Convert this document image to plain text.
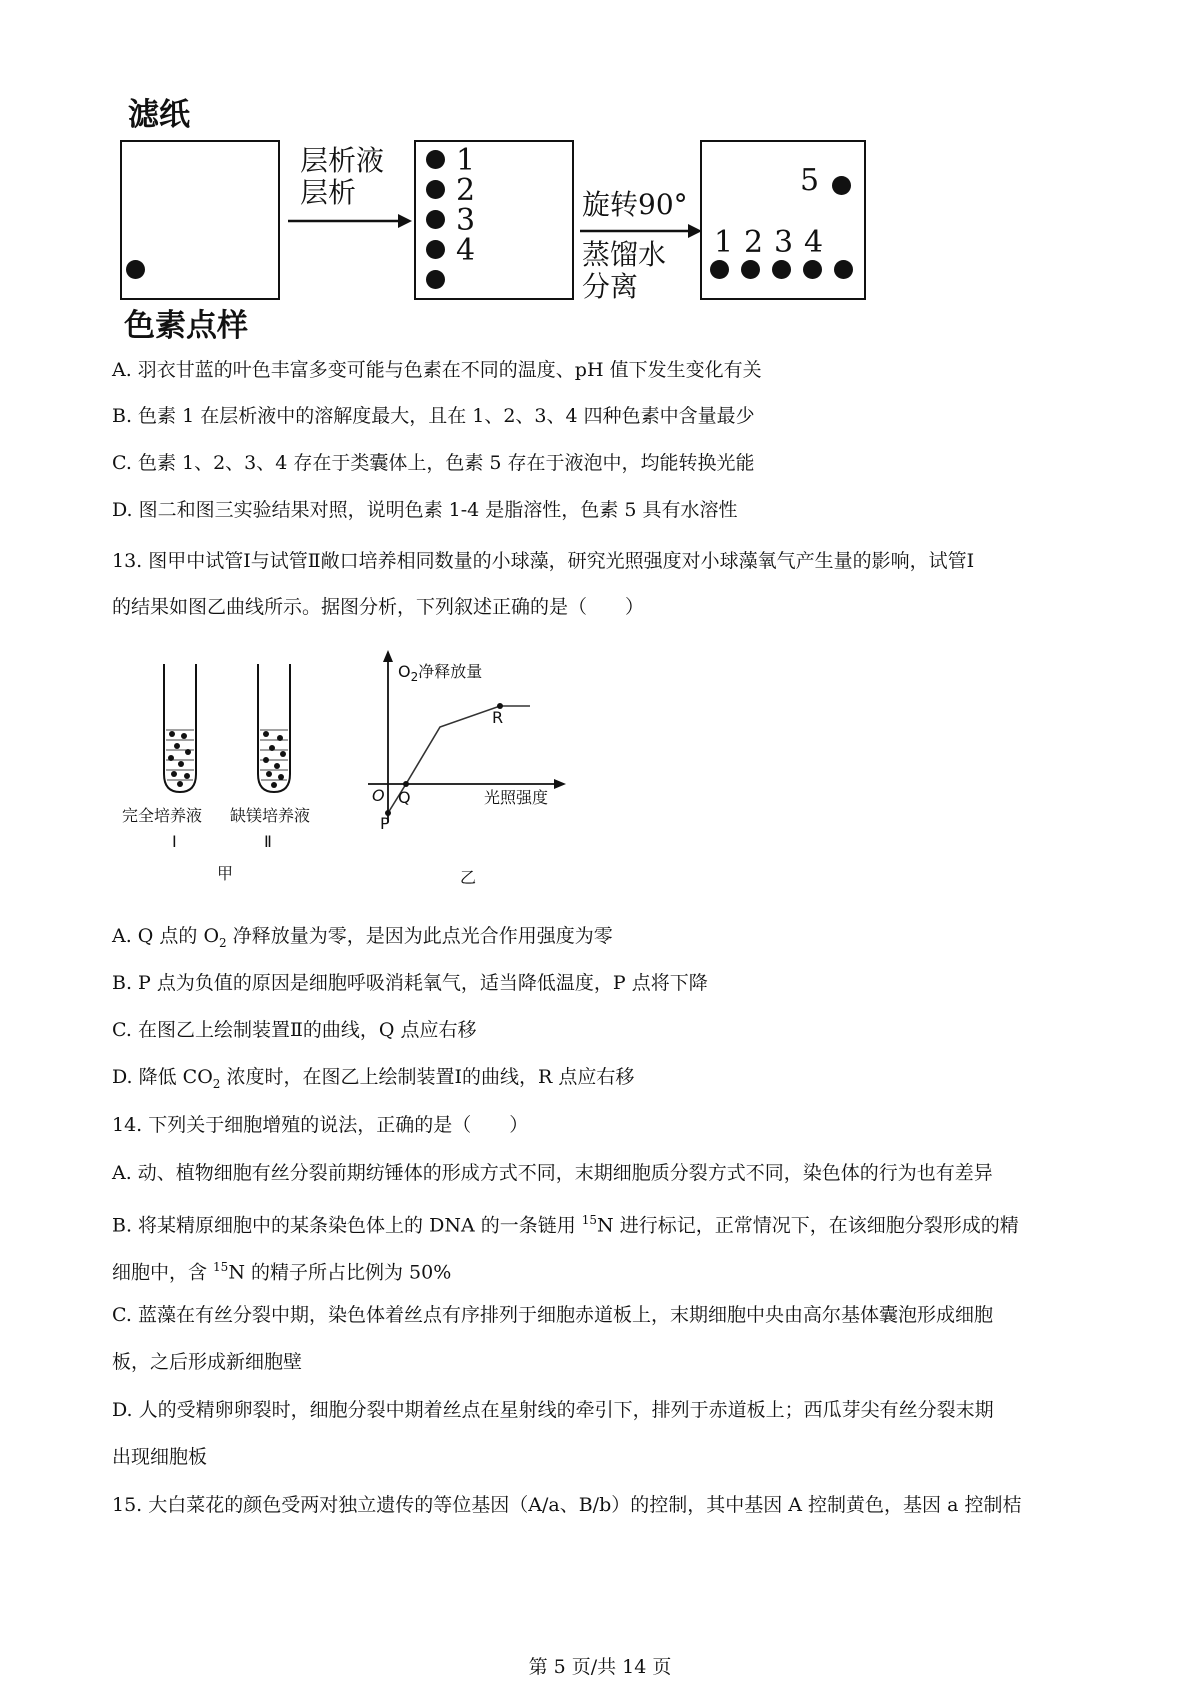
滤纸
层析液
层析
1
2
3
4
旋转90°
蒸馏水
分离
5
1 2 3 4
色素点样
A. 羽衣甘蓝的叶色丰富多变可能与色素在不同的温度、pH 值下发生变化有关
B. 色素 1 在层析液中的溶解度最大，且在 1、2、3、4 四种色素中含量最少
C. 色素 1、2、3、4 存在于类囊体上，色素 5 存在于液泡中，均能转换光能
D. 图二和图三实验结果对照，说明色素 1-4 是脂溶性，色素 5 具有水溶性
13. 图甲中试管Ⅰ与试管Ⅱ敞口培养相同数量的小球藻，研究光照强度对小球藻氧气产生量的影响，试管Ⅰ
的结果如图乙曲线所示。据图分析，下列叙述正确的是（　　）
完全培养液
Ⅰ
缺镁培养液
Ⅱ
甲
$O_2$净释放量
O Q
P
R
光照强度
乙
A. Q 点的 $O_2$ 净释放量为零，是因为此点光合作用强度为零
B. P 点为负值的原因是细胞呼吸消耗氧气，适当降低温度，P 点将下降
C. 在图乙上绘制装置Ⅱ的曲线，Q 点应右移
D. 降低 $CO_2$ 浓度时，在图乙上绘制装置Ⅰ的曲线，R 点应右移
14. 下列关于细胞增殖的说法，正确的是（　　）
A. 动、植物细胞有丝分裂前期纺锤体的形成方式不同，末期细胞质分裂方式不同，染色体的行为也有差异
B. 将某精原细胞中的某条染色体上的 DNA 的一条链用 $^{15}$N 进行标记，正常情况下，在该细胞分裂形成的精
细胞中，含 $^{15}$N 的精子所占比例为 50%
C. 蓝藻在有丝分裂中期，染色体着丝点有序排列于细胞赤道板上，末期细胞中央由高尔基体囊泡形成细胞
板，之后形成新细胞壁
D. 人的受精卵卵裂时，细胞分裂中期着丝点在星射线的牵引下，排列于赤道板上；西瓜芽尖有丝分裂末期
出现细胞板
15. 大白菜花的颜色受两对独立遗传的等位基因（A/a、B/b）的控制，其中基因 A 控制黄色，基因 a 控制桔
第 5 页/共 14 页
